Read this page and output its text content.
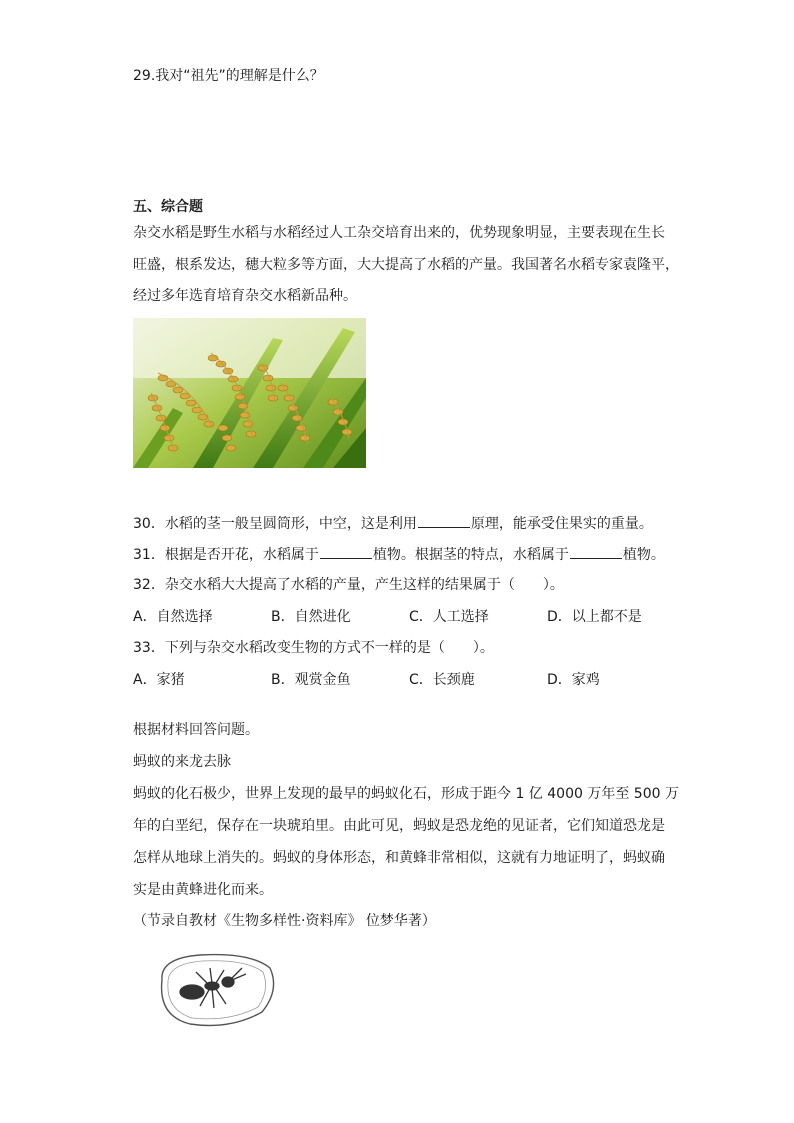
29.我对“祖先”的理解是什么？
五、综合题
杂交水稻是野生水稻与水稻经过人工杂交培育出来的，优势现象明显，主要表现在生长
旺盛，根系发达，穗大粒多等方面，大大提高了水稻的产量。我国著名水稻专家袁隆平，
经过多年选育培育杂交水稻新品种。
30．水稻的茎一般呈圆筒形，中空，这是利用	原理，能承受住果实的重量。
31．根据是否开花，水稻属于	植物。根据茎的特点，水稻属于	植物。
32．杂交水稻大大提高了水稻的产量，产生这样的结果属于（　　）。
A．自然选择	B．自然进化	C．人工选择	D．以上都不是
33．下列与杂交水稻改变生物的方式不一样的是（　　）。
A．家猪	B．观赏金鱼	C．长颈鹿	D．家鸡
根据材料回答问题。
蚂蚁的来龙去脉
蚂蚁的化石极少，世界上发现的最早的蚂蚁化石，形成于距今 1 亿 4000 万年至 500 万
年的白垩纪，保存在一块琥珀里。由此可见，蚂蚁是恐龙绝的见证者，它们知道恐龙是
怎样从地球上消失的。蚂蚁的身体形态，和黄蜂非常相似，这就有力地证明了，蚂蚁确
实是由黄蜂进化而来。
（节录自教材《生物多样性·资料库》 位梦华著）
